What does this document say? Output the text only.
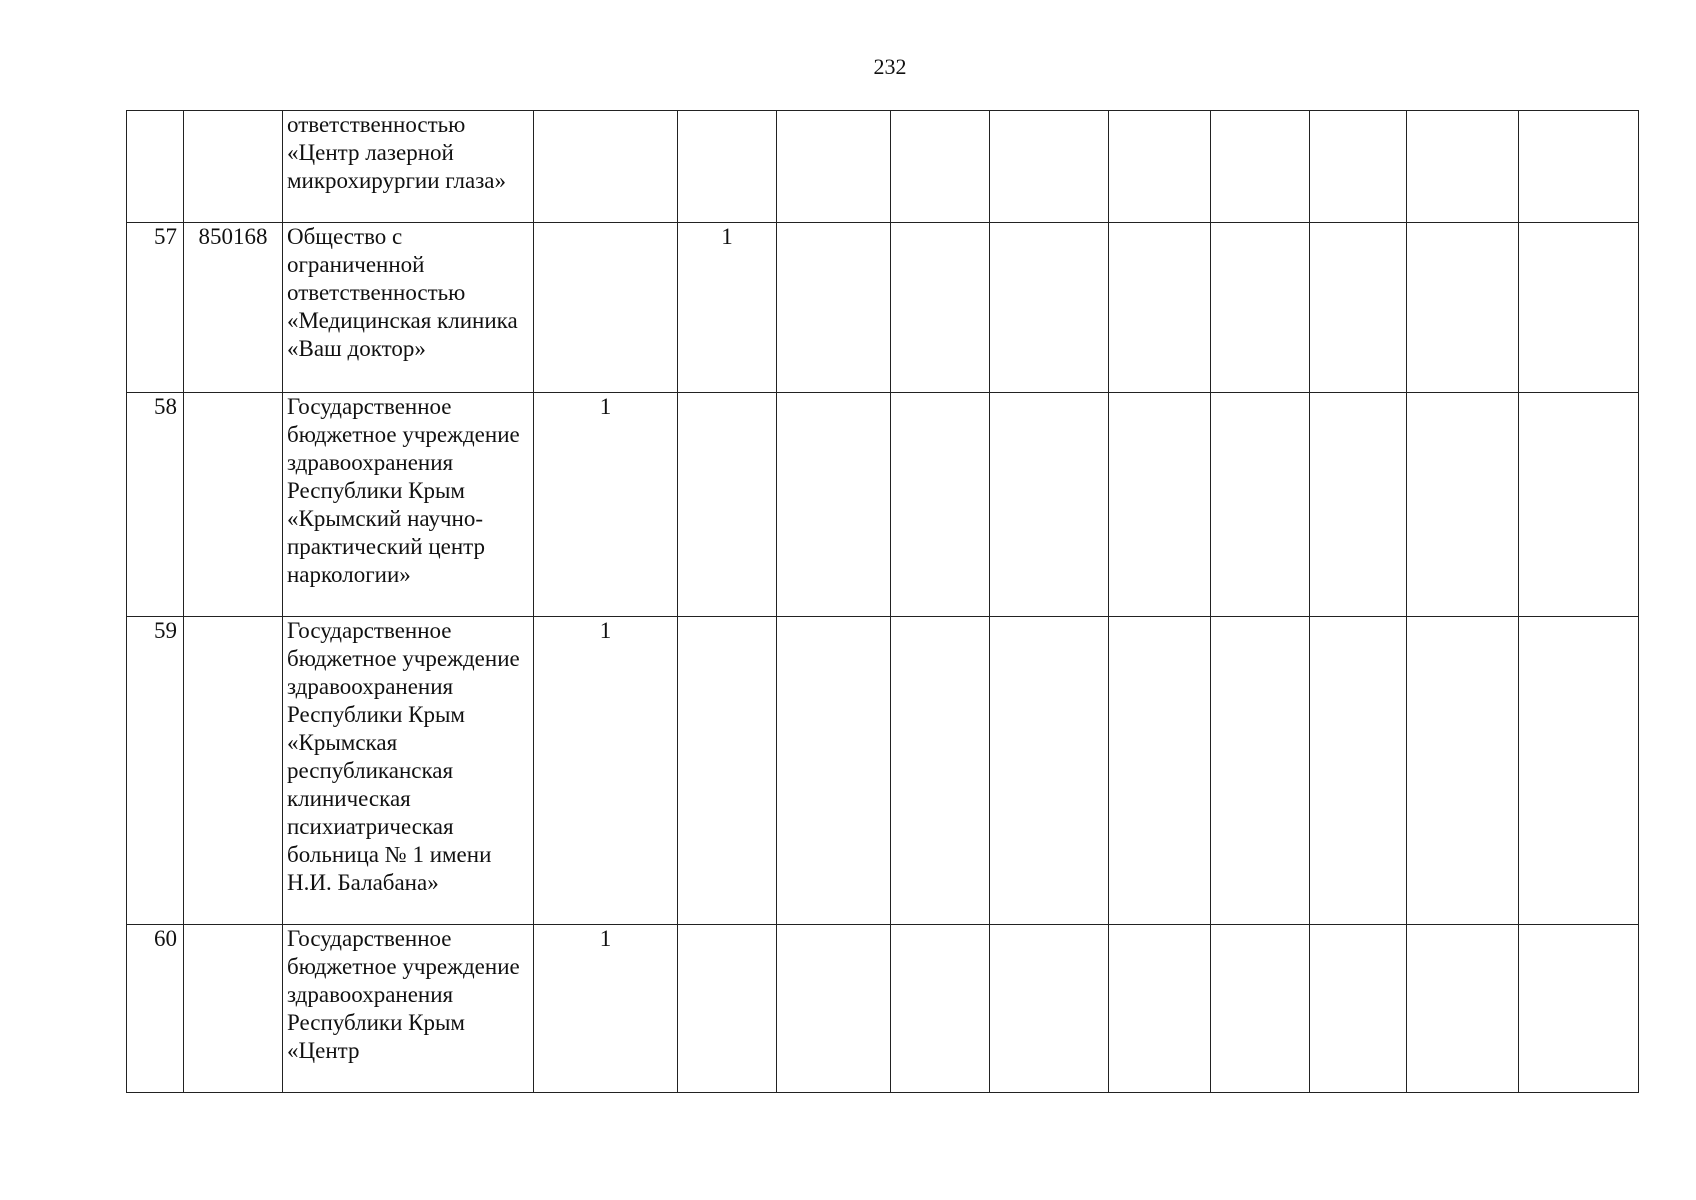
232
		ответственностью «Центр лазерной микрохирургии глаза»										
57	850168	Общество с ограниченной ответственностью «Медицинская клиника «Ваш доктор»		1								
58		Государственное бюджетное учреждение здравоохранения Республики Крым «Крымский научно-практический центр наркологии»	1									
59		Государственное бюджетное учреждение здравоохранения Республики Крым «Крымская республиканская клиническая психиатрическая больница № 1 имени Н.И. Балабана»	1									
60		Государственное бюджетное учреждение здравоохранения Республики Крым «Центр	1									
